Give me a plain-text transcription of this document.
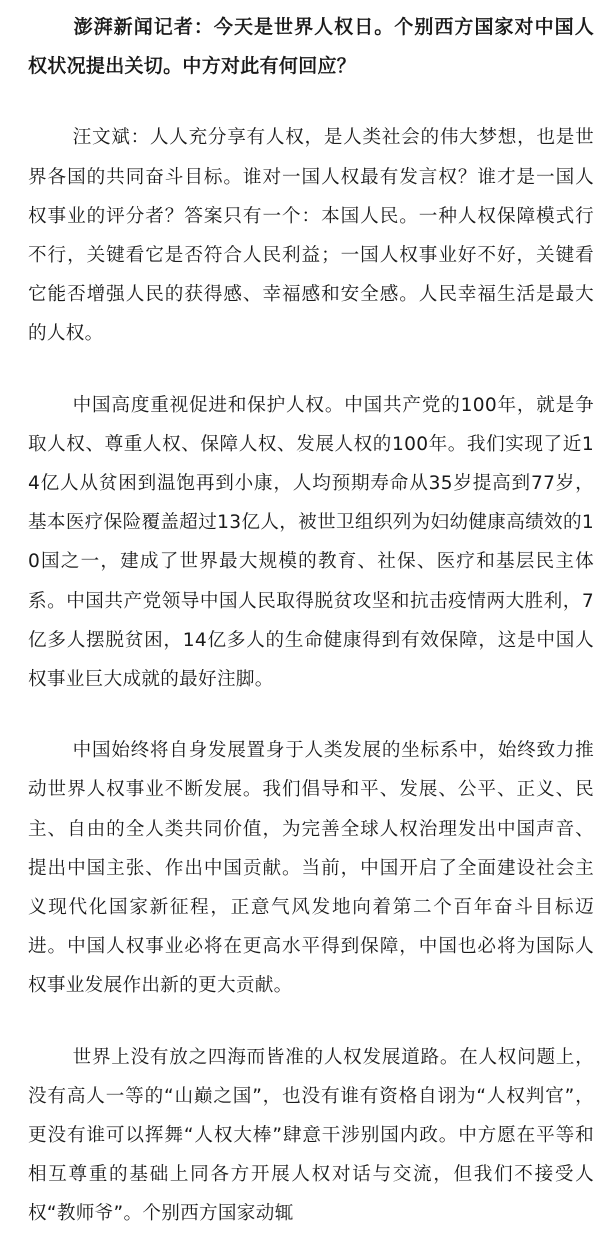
澎湃新闻记者：今天是世界人权日。个别西方国家对中国人权状况提出关切。中方对此有何回应？

汪文斌：人人充分享有人权，是人类社会的伟大梦想，也是世界各国的共同奋斗目标。谁对一国人权最有发言权？谁才是一国人权事业的评分者？答案只有一个：本国人民。一种人权保障模式行不行，关键看它是否符合人民利益；一国人权事业好不好，关键看它能否增强人民的获得感、幸福感和安全感。人民幸福生活是最大的人权。

中国高度重视促进和保护人权。中国共产党的100年，就是争取人权、尊重人权、保障人权、发展人权的100年。我们实现了近14亿人从贫困到温饱再到小康，人均预期寿命从35岁提高到77岁，基本医疗保险覆盖超过13亿人，被世卫组织列为妇幼健康高绩效的10国之一，建成了世界最大规模的教育、社保、医疗和基层民主体系。中国共产党领导中国人民取得脱贫攻坚和抗击疫情两大胜利，7亿多人摆脱贫困，14亿多人的生命健康得到有效保障，这是中国人权事业巨大成就的最好注脚。

中国始终将自身发展置身于人类发展的坐标系中，始终致力推动世界人权事业不断发展。我们倡导和平、发展、公平、正义、民主、自由的全人类共同价值，为完善全球人权治理发出中国声音、提出中国主张、作出中国贡献。当前，中国开启了全面建设社会主义现代化国家新征程，正意气风发地向着第二个百年奋斗目标迈进。中国人权事业必将在更高水平得到保障，中国也必将为国际人权事业发展作出新的更大贡献。

世界上没有放之四海而皆准的人权发展道路。在人权问题上，没有高人一等的“山巅之国”，也没有谁有资格自诩为“人权判官”，更没有谁可以挥舞“人权大棒”肆意干涉别国内政。中方愿在平等和相互尊重的基础上同各方开展人权对话与交流，但我们不接受人权“教师爷”。个别西方国家动辄
